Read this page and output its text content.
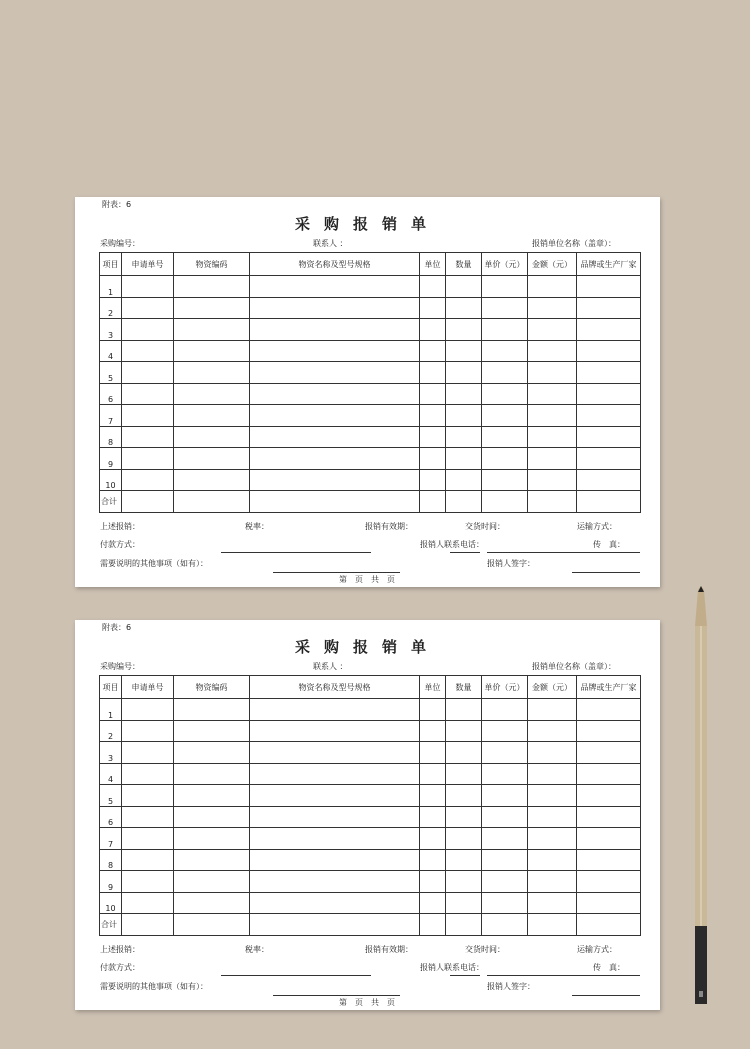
附表：6
采购报销单
采购编号：	联系人 ：	报销单位名称（盖章）：
项目	申请单号	物资编码	物资名称及型号规格	单位	数量	单价（元）	金额（元）	品牌或生产厂家
1								
2								
3								
4								
5								
6								
7								
8								
9								
10								
合计								
上述报销：	税率：	报销有效期：	交货时间：	运输方式：
付款方式：	报销人联系电话：	传　真：
需要说明的其他事项（如有）：	报销人签字：
第　页　共　页
附表：6
采购报销单
采购编号：	联系人 ：	报销单位名称（盖章）：
项目	申请单号	物资编码	物资名称及型号规格	单位	数量	单价（元）	金额（元）	品牌或生产厂家
1								
2								
3								
4								
5								
6								
7								
8								
9								
10								
合计								
上述报销：	税率：	报销有效期：	交货时间：	运输方式：
付款方式：	报销人联系电话：	传　真：
需要说明的其他事项（如有）：	报销人签字：
第　页　共　页
